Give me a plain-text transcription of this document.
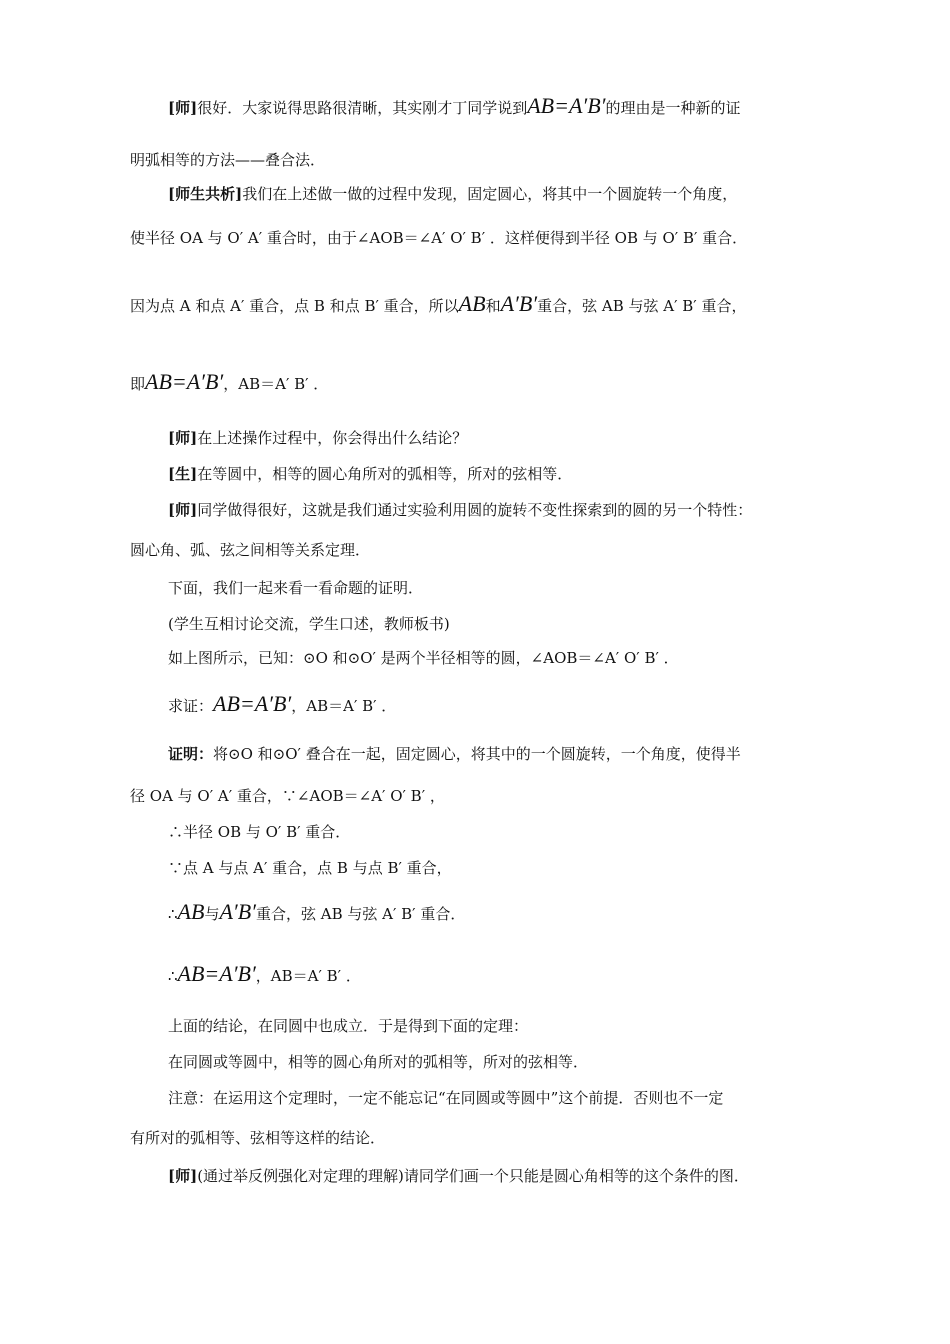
[师]很好．大家说得思路很清晰，其实刚才丁同学说到AB=A′B′的理由是一种新的证
明弧相等的方法——叠合法．
[师生共析]我们在上述做一做的过程中发现，固定圆心，将其中一个圆旋转一个角度，
使半径 OA 与 O′ A′ 重合时，由于∠AOB＝∠A′ O′ B′ ．这样便得到半径 OB 与 O′ B′ 重合．
因为点 A 和点 A′ 重合，点 B 和点 B′ 重合，所以AB和A′B′重合，弦 AB 与弦 A′ B′ 重合，
即AB=A′B′，AB＝A′ B′ ．
[师]在上述操作过程中，你会得出什么结论？
[生]在等圆中，相等的圆心角所对的弧相等，所对的弦相等．
[师]同学做得很好，这就是我们通过实验利用圆的旋转不变性探索到的圆的另一个特性：
圆心角、弧、弦之间相等关系定理．
下面，我们一起来看一看命题的证明．
(学生互相讨论交流，学生口述，教师板书)
如上图所示，已知：⊙O 和⊙O′ 是两个半径相等的圆，∠AOB＝∠A′ O′ B′ ．
求证：AB=A′B′，AB＝A′ B′ ．
证明：将⊙O 和⊙O′ 叠合在一起，固定圆心，将其中的一个圆旋转，一个角度，使得半
径 OA 与 O′ A′ 重合，∵∠AOB＝∠A′ O′ B′ ，
∴半径 OB 与 O′ B′ 重合．
∵点 A 与点 A′ 重合，点 B 与点 B′ 重合，
∴AB与A′B′重合，弦 AB 与弦 A′ B′ 重合．
∴AB=A′B′，AB＝A′ B′ ．
上面的结论，在同圆中也成立．于是得到下面的定理：
在同圆或等圆中，相等的圆心角所对的弧相等，所对的弦相等．
注意：在运用这个定理时，一定不能忘记“在同圆或等圆中”这个前提．否则也不一定
有所对的弧相等、弦相等这样的结论．
[师](通过举反例强化对定理的理解)请同学们画一个只能是圆心角相等的这个条件的图．
